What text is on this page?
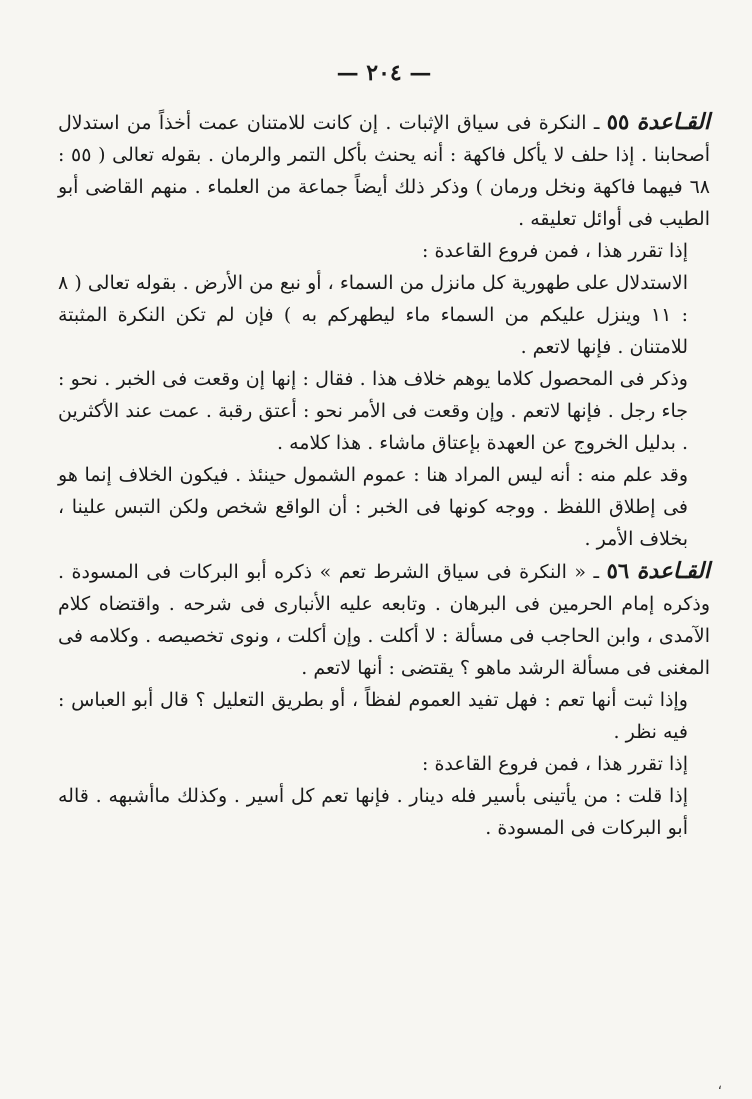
— ٢٠٤ —

القـاعدة ٥٥ ـ النكرة فى سياق الإثبات . إن كانت للامتنان عمت أخذاً من استدلال أصحابنا . إذا حلف لا يأكل فاكهة : أنه يحنث بأكل التمر والرمان . بقوله تعالى ( ٥٥ : ٦٨ فيهما فاكهة ونخل ورمان ) وذكر ذلك أيضاً جماعة من العلماء . منهم القاضى أبو الطيب فى أوائل تعليقه .

إذا تقرر هذا ، فمن فروع القاعدة :

الاستدلال على طهورية كل مانزل من السماء ، أو نبع من الأرض . بقوله تعالى ( ٨ : ١١ وينزل عليكم من السماء ماء ليطهركم به ) فإن لم تكن النكرة المثبتة للامتنان . فإنها لاتعم .

وذكر فى المحصول كلاما يوهم خلاف هذا . فقال : إنها إن وقعت فى الخبر . نحو : جاء رجل . فإنها لاتعم . وإن وقعت فى الأمر نحو : أعتق رقبة . عمت عند الأكثرين . بدليل الخروج عن العهدة بإعتاق ماشاء . هذا كلامه .

وقد علم منه : أنه ليس المراد هنا : عموم الشمول حينئذ . فيكون الخلاف إنما هو فى إطلاق اللفظ . ووجه كونها فى الخبر : أن الواقع شخص ولكن التبس علينا ، بخلاف الأمر .

القـاعدة ٥٦ ـ « النكرة فى سياق الشرط تعم » ذكره أبو البركات فى المسودة . وذكره إمام الحرمين فى البرهان . وتابعه عليه الأنبارى فى شرحه . واقتضاه كلام الآمدى ، وابن الحاجب فى مسألة : لا أكلت . وإن أكلت ، ونوى تخصيصه . وكلامه فى المغنى فى مسألة الرشد ماهو ؟ يقتضى : أنها لاتعم .

وإذا ثبت أنها تعم : فهل تفيد العموم لفظاً ، أو بطريق التعليل ؟ قال أبو العباس : فيه نظر .

إذا تقرر هذا ، فمن فروع القاعدة :

إذا قلت : من يأتينى بأسير فله دينار . فإنها تعم كل أسير . وكذلك ماأشبهه . قاله أبو البركات فى المسودة .

،
